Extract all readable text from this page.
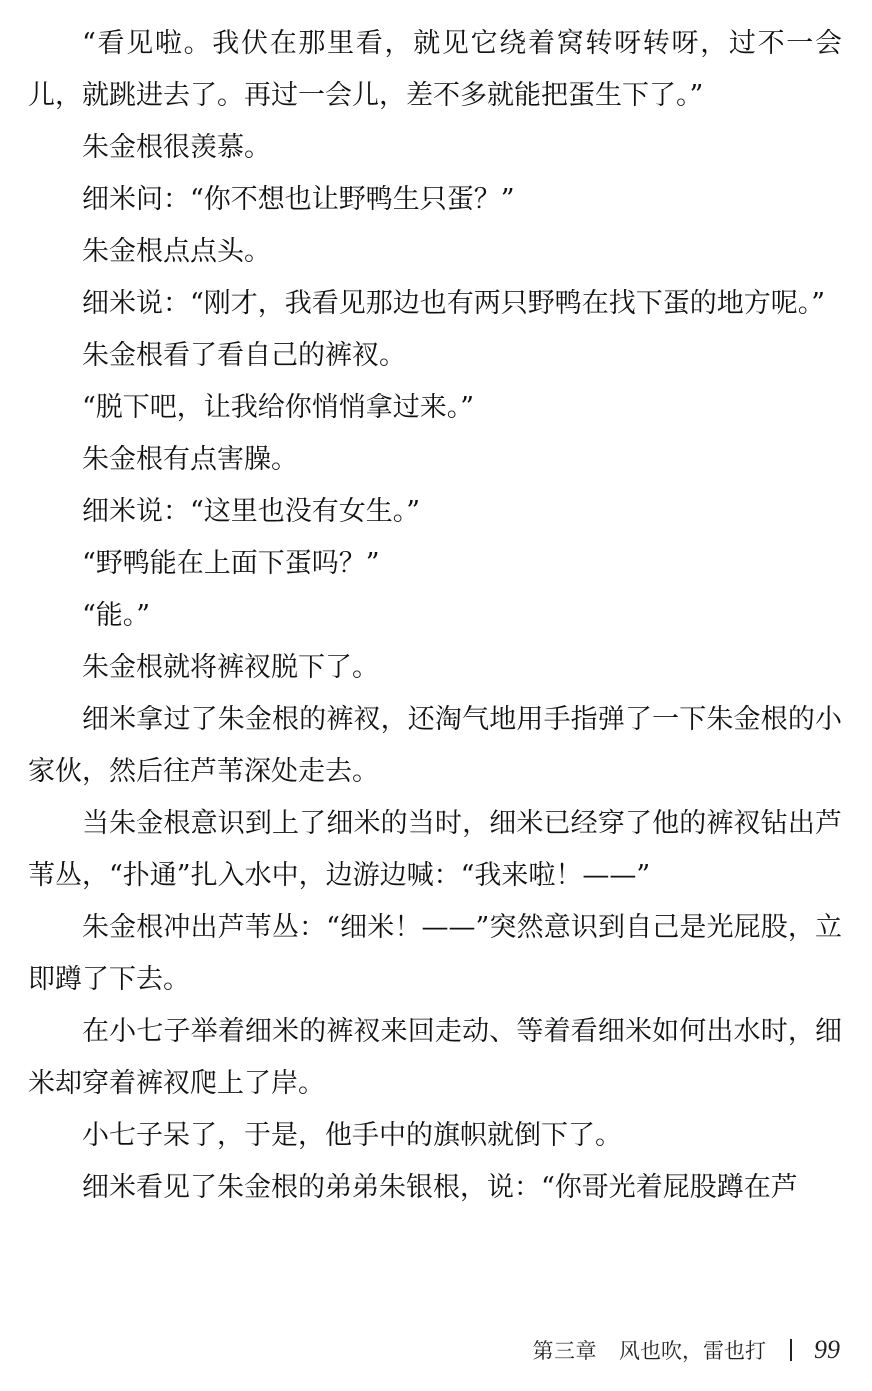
“看见啦。我伏在那里看，就见它绕着窝转呀转呀，过不一会儿，就跳进去了。再过一会儿，差不多就能把蛋生下了。”

朱金根很羡慕。

细米问：“你不想也让野鸭生只蛋？”

朱金根点点头。

细米说：“刚才，我看见那边也有两只野鸭在找下蛋的地方呢。”

朱金根看了看自己的裤衩。

“脱下吧，让我给你悄悄拿过来。”

朱金根有点害臊。

细米说：“这里也没有女生。”

“野鸭能在上面下蛋吗？”

“能。”

朱金根就将裤衩脱下了。

细米拿过了朱金根的裤衩，还淘气地用手指弹了一下朱金根的小家伙，然后往芦苇深处走去。

当朱金根意识到上了细米的当时，细米已经穿了他的裤衩钻出芦苇丛，“扑通”扎入水中，边游边喊：“我来啦！——”

朱金根冲出芦苇丛：“细米！——”突然意识到自己是光屁股，立即蹲了下去。

在小七子举着细米的裤衩来回走动、等着看细米如何出水时，细米却穿着裤衩爬上了岸。

小七子呆了，于是，他手中的旗帜就倒下了。

细米看见了朱金根的弟弟朱银根，说：“你哥光着屁股蹲在芦

第三章 风也吹，雷也打 99
